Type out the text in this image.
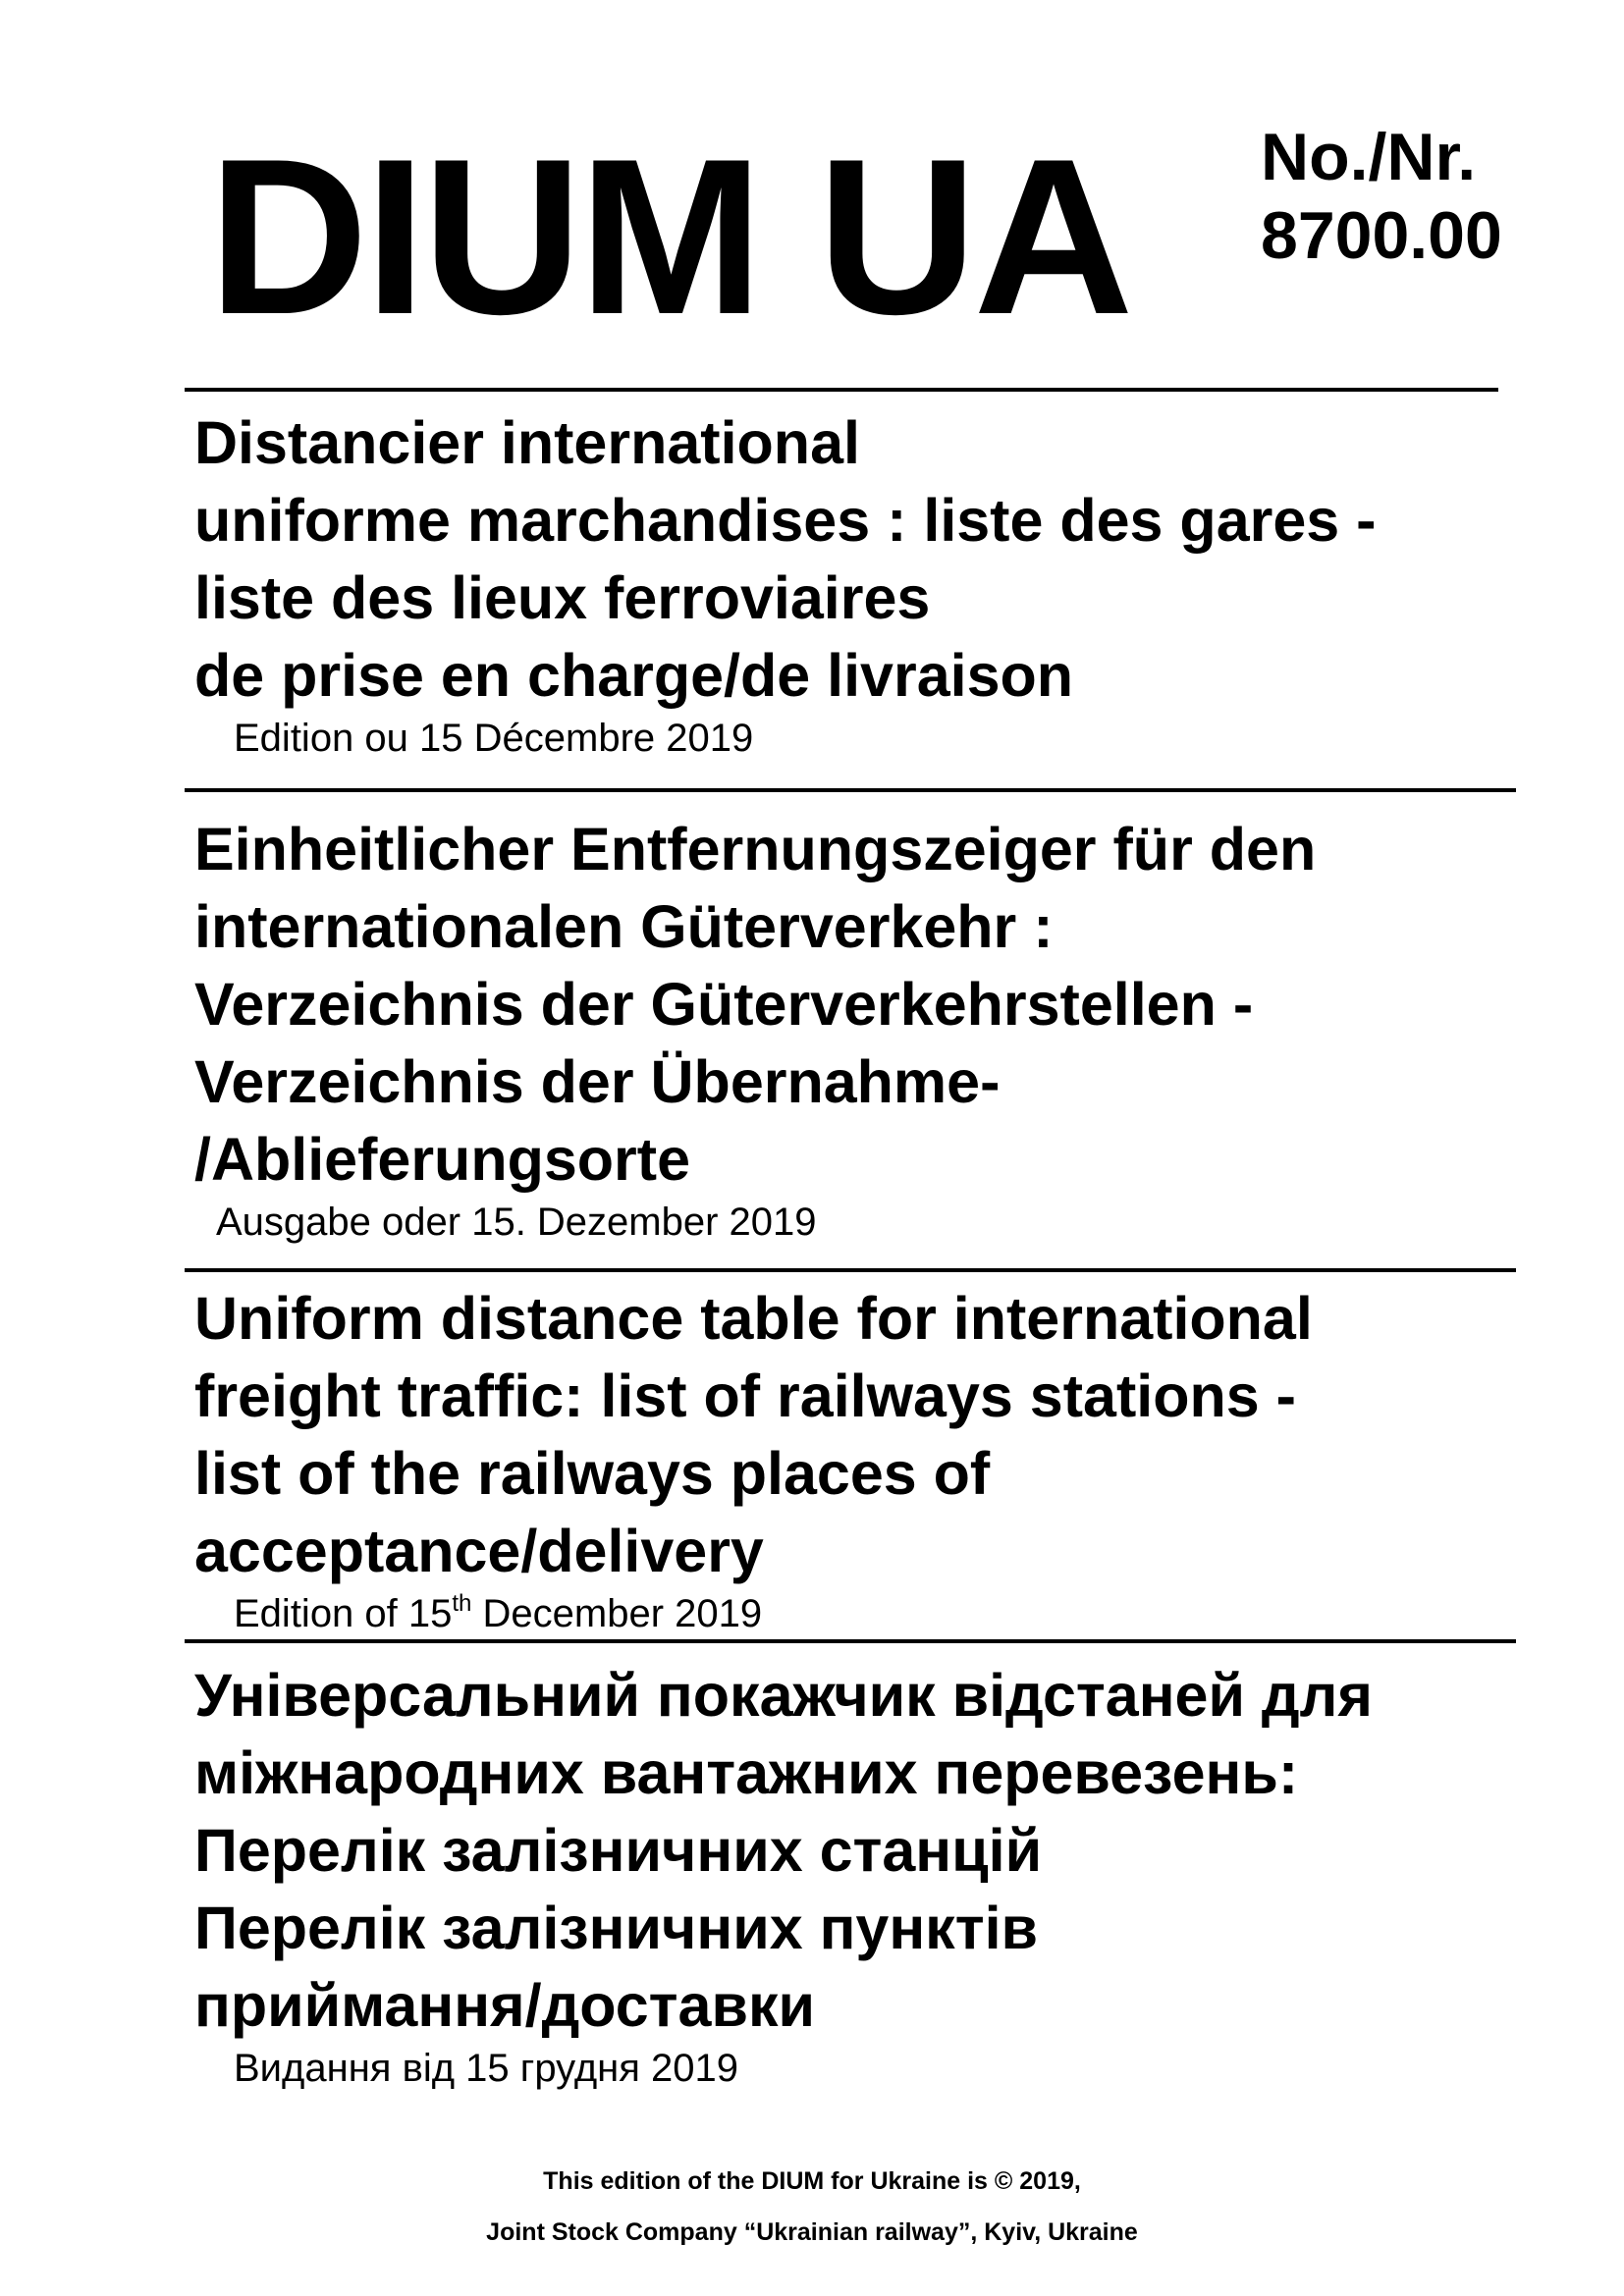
DIUM UA No./Nr.
8700.00
Distancier international
uniforme marchandises : liste des gares -
liste des lieux ferroviaires
de prise en charge/de livraison
Edition ou 15 Décembre 2019
Einheitlicher Entfernungszeiger für den
internationalen Güterverkehr :
Verzeichnis der Güterverkehrstellen -
Verzeichnis der Übernahme-
/Ablieferungsorte
Ausgabe oder 15. Dezember 2019
Uniform distance table for international
freight traffic: list of railways stations -
list of the railways places of
acceptance/delivery
Edition of 15th December 2019
Універсальний покажчик відстаней для
міжнародних вантажних перевезень:
Перелік залізничних станцій
Перелік залізничних пунктів
приймання/доставки
Видання від 15 грудня 2019
This edition of the DIUM for Ukraine is © 2019,
Joint Stock Company “Ukrainian railway”, Kyiv, Ukraine
